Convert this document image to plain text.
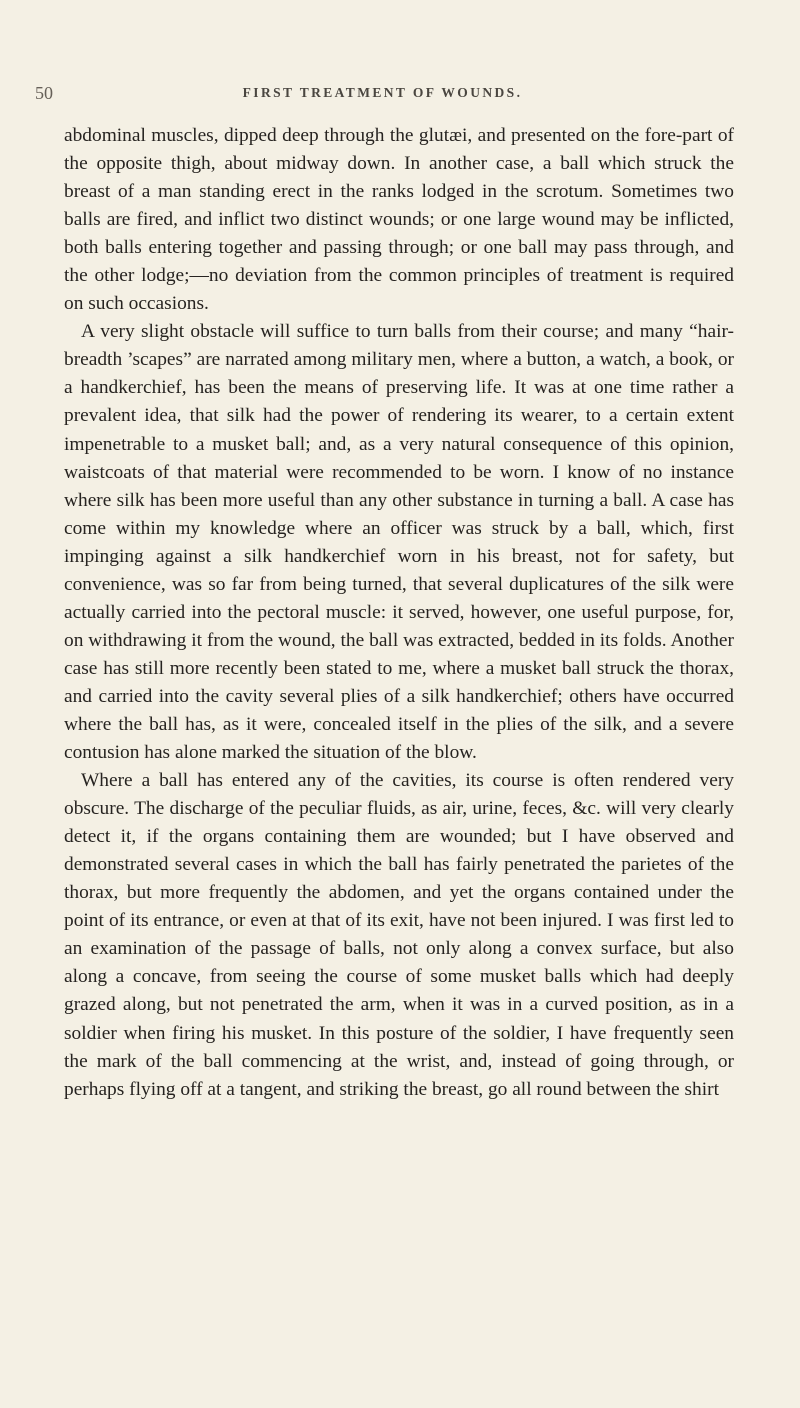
50	FIRST TREATMENT OF WOUNDS.

abdominal muscles, dipped deep through the glutæi, and presented on the fore-part of the opposite thigh, about midway down. In another case, a ball which struck the breast of a man standing erect in the ranks lodged in the scrotum. Sometimes two balls are fired, and inflict two distinct wounds; or one large wound may be inflicted, both balls entering together and passing through; or one ball may pass through, and the other lodge;—no deviation from the common principles of treatment is required on such occasions.

A very slight obstacle will suffice to turn balls from their course; and many “hair-breadth ’scapes” are narrated among military men, where a button, a watch, a book, or a handkerchief, has been the means of preserving life. It was at one time rather a prevalent idea, that silk had the power of rendering its wearer, to a certain extent impenetrable to a musket ball; and, as a very natural consequence of this opinion, waistcoats of that material were recommended to be worn. I know of no instance where silk has been more useful than any other substance in turning a ball. A case has come within my knowledge where an officer was struck by a ball, which, first impinging against a silk handkerchief worn in his breast, not for safety, but convenience, was so far from being turned, that several duplicatures of the silk were actually carried into the pectoral muscle: it served, however, one useful purpose, for, on withdrawing it from the wound, the ball was extracted, bedded in its folds. Another case has still more recently been stated to me, where a musket ball struck the thorax, and carried into the cavity several plies of a silk handkerchief; others have occurred where the ball has, as it were, concealed itself in the plies of the silk, and a severe contusion has alone marked the situation of the blow.

Where a ball has entered any of the cavities, its course is often rendered very obscure. The discharge of the peculiar fluids, as air, urine, feces, &c. will very clearly detect it, if the organs containing them are wounded; but I have observed and demonstrated several cases in which the ball has fairly penetrated the parietes of the thorax, but more frequently the abdomen, and yet the organs contained under the point of its entrance, or even at that of its exit, have not been injured. I was first led to an examination of the passage of balls, not only along a convex surface, but also along a concave, from seeing the course of some musket balls which had deeply grazed along, but not penetrated the arm, when it was in a curved position, as in a soldier when firing his musket. In this posture of the soldier, I have frequently seen the mark of the ball commencing at the wrist, and, instead of going through, or perhaps flying off at a tangent, and striking the breast, go all round between the shirt
